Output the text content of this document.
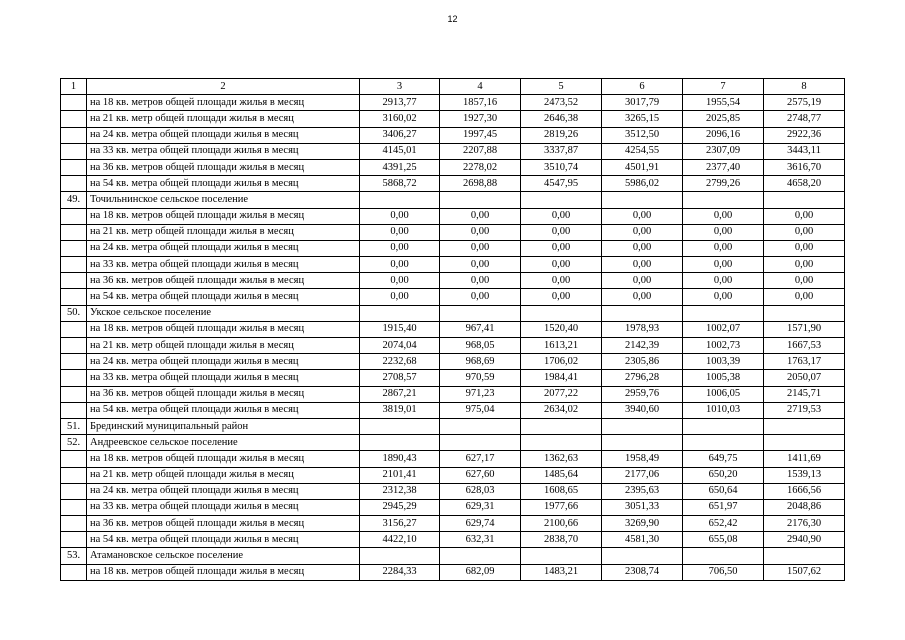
12
1	2	3	4	5	6	7	8
	на 18 кв. метров общей площади жилья в месяц	2913,77	1857,16	2473,52	3017,79	1955,54	2575,19
	на 21 кв. метр общей площади жилья в месяц	3160,02	1927,30	2646,38	3265,15	2025,85	2748,77
	на 24 кв. метра общей площади жилья в месяц	3406,27	1997,45	2819,26	3512,50	2096,16	2922,36
	на 33 кв. метра общей площади жилья в месяц	4145,01	2207,88	3337,87	4254,55	2307,09	3443,11
	на 36 кв. метров общей площади жилья в месяц	4391,25	2278,02	3510,74	4501,91	2377,40	3616,70
	на 54 кв. метра общей площади жилья в месяц	5868,72	2698,88	4547,95	5986,02	2799,26	4658,20
49.	Точильнинское сельское поселение						
	на 18 кв. метров общей площади жилья в месяц	0,00	0,00	0,00	0,00	0,00	0,00
	на 21 кв. метр общей площади жилья в месяц	0,00	0,00	0,00	0,00	0,00	0,00
	на 24 кв. метра общей площади жилья в месяц	0,00	0,00	0,00	0,00	0,00	0,00
	на 33 кв. метра общей площади жилья в месяц	0,00	0,00	0,00	0,00	0,00	0,00
	на 36 кв. метров общей площади жилья в месяц	0,00	0,00	0,00	0,00	0,00	0,00
	на 54 кв. метра общей площади жилья в месяц	0,00	0,00	0,00	0,00	0,00	0,00
50.	Укское сельское поселение						
	на 18 кв. метров общей площади жилья в месяц	1915,40	967,41	1520,40	1978,93	1002,07	1571,90
	на 21 кв. метр общей площади жилья в месяц	2074,04	968,05	1613,21	2142,39	1002,73	1667,53
	на 24 кв. метра общей площади жилья в месяц	2232,68	968,69	1706,02	2305,86	1003,39	1763,17
	на 33 кв. метра общей площади жилья в месяц	2708,57	970,59	1984,41	2796,28	1005,38	2050,07
	на 36 кв. метров общей площади жилья в месяц	2867,21	971,23	2077,22	2959,76	1006,05	2145,71
	на 54 кв. метра общей площади жилья в месяц	3819,01	975,04	2634,02	3940,60	1010,03	2719,53
51.	Брединский муниципальный район						
52.	Андреевское сельское поселение						
	на 18 кв. метров общей площади жилья в месяц	1890,43	627,17	1362,63	1958,49	649,75	1411,69
	на 21 кв. метр общей площади жилья в месяц	2101,41	627,60	1485,64	2177,06	650,20	1539,13
	на 24 кв. метра общей площади жилья в месяц	2312,38	628,03	1608,65	2395,63	650,64	1666,56
	на 33 кв. метра общей площади жилья в месяц	2945,29	629,31	1977,66	3051,33	651,97	2048,86
	на 36 кв. метров общей площади жилья в месяц	3156,27	629,74	2100,66	3269,90	652,42	2176,30
	на 54 кв. метра общей площади жилья в месяц	4422,10	632,31	2838,70	4581,30	655,08	2940,90
53.	Атамановское сельское поселение						
	на 18 кв. метров общей площади жилья в месяц	2284,33	682,09	1483,21	2308,74	706,50	1507,62
